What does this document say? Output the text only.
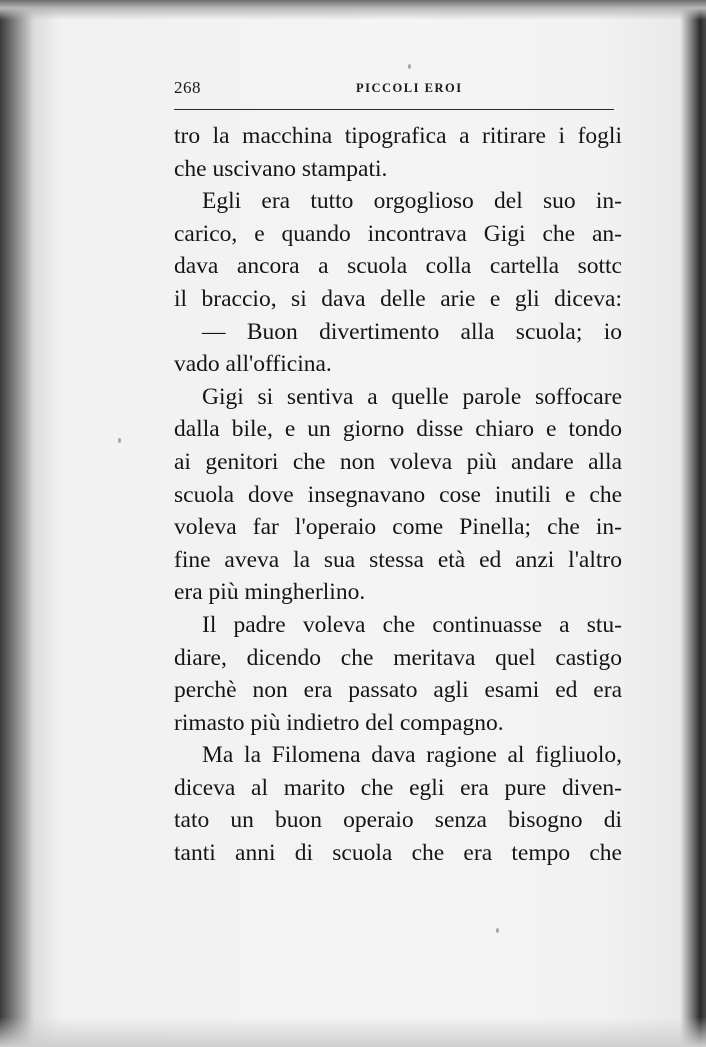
268	PICCOLI EROI
tro la macchina tipografica a ritirare i fogli
che uscivano stampati.
Egli era tutto orgoglioso del suo in-
carico, e quando incontrava Gigi che an-
dava ancora a scuola colla cartella sottc
il braccio, si dava delle arie e gli diceva:
— Buon divertimento alla scuola; io
vado all'officina.
Gigi si sentiva a quelle parole soffocare
dalla bile, e un giorno disse chiaro e tondo
ai genitori che non voleva più andare alla
scuola dove insegnavano cose inutili e che
voleva far l'operaio come Pinella; che in-
fine aveva la sua stessa età ed anzi l'altro
era più mingherlino.
Il padre voleva che continuasse a stu-
diare, dicendo che meritava quel castigo
perchè non era passato agli esami ed era
rimasto più indietro del compagno.
Ma la Filomena dava ragione al figliuolo,
diceva al marito che egli era pure diven-
tato un buon operaio senza bisogno di
tanti anni di scuola che era tempo che
